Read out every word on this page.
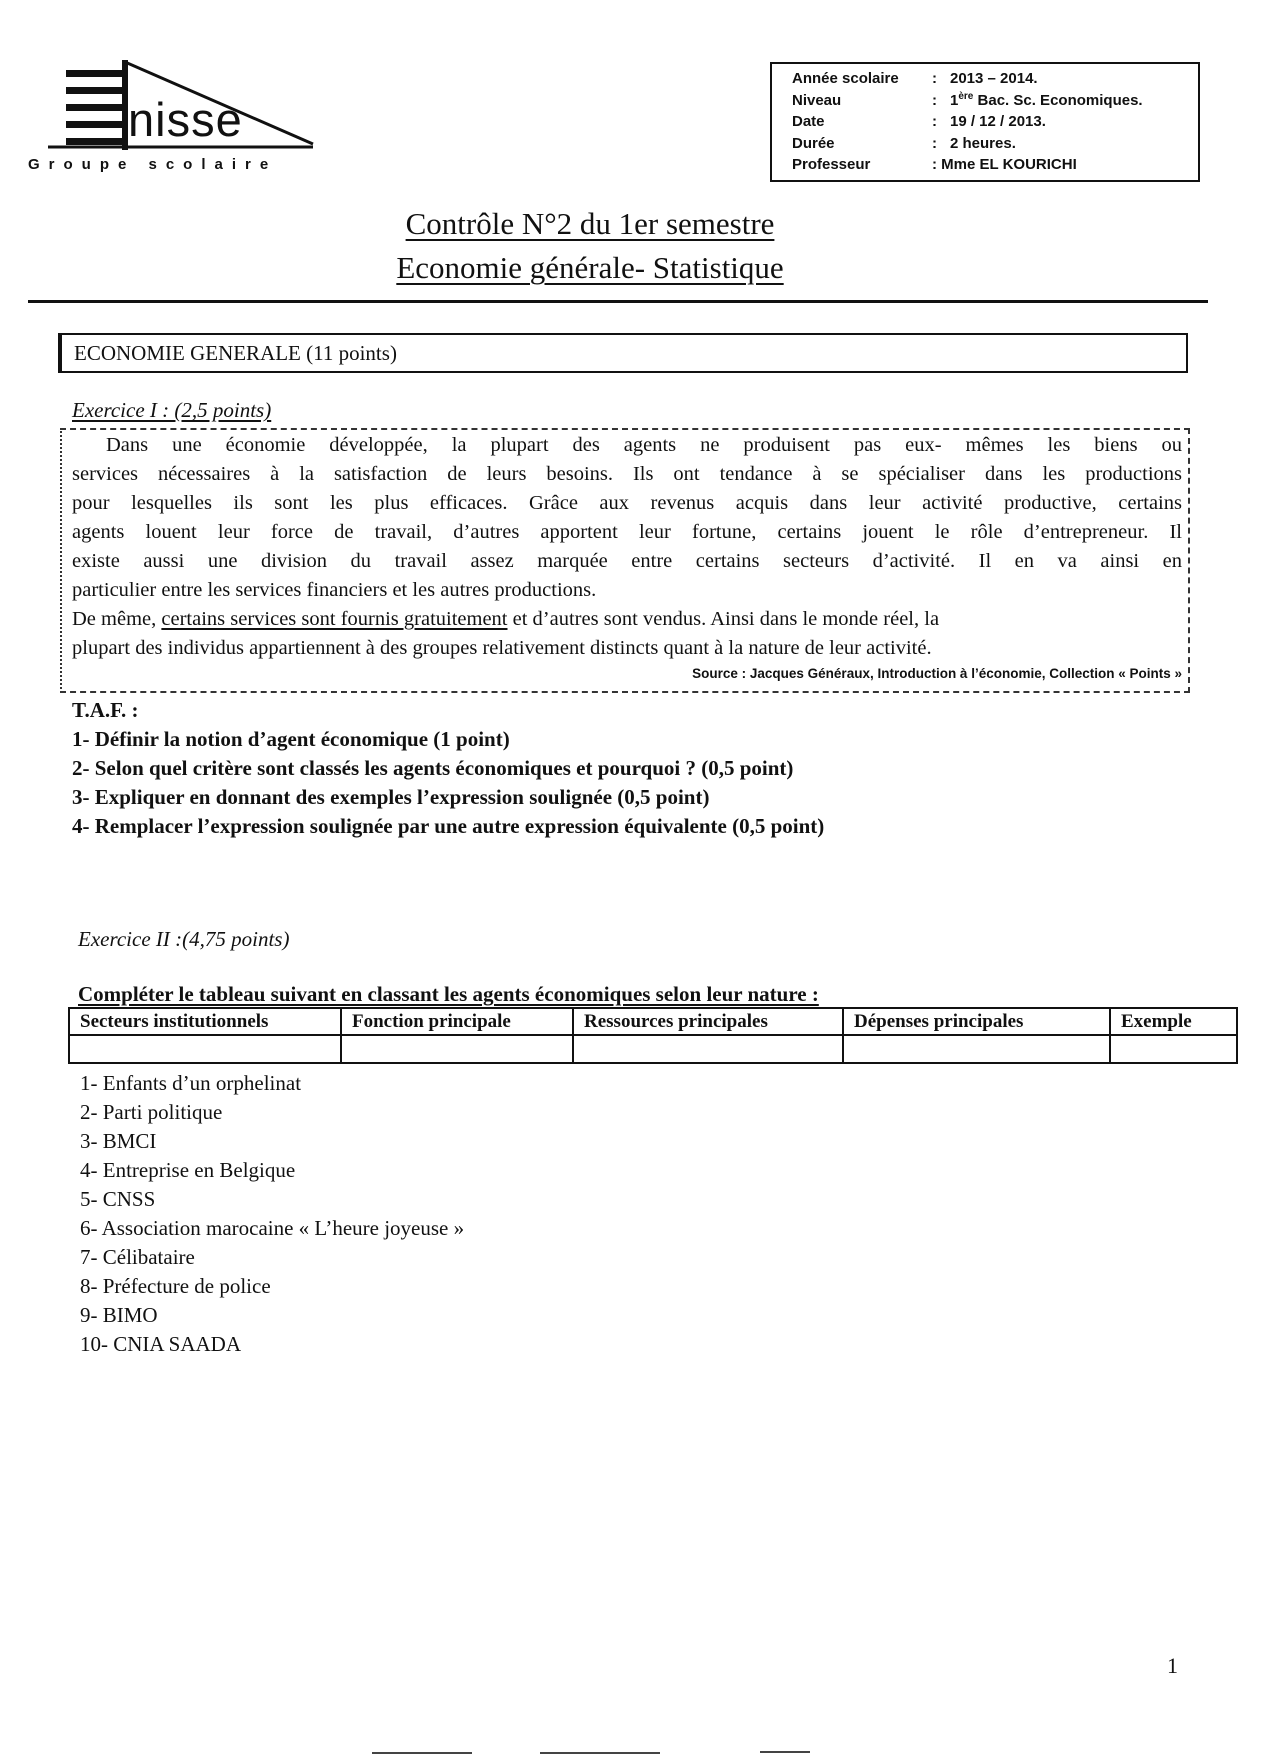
nisse
Groupe scolaire
Année scolaire : 2013 – 2014.
Niveau	: 1ère Bac. Sc. Economiques.
Date	: 19 / 12 / 2013.
Durée	: 2 heures.
Professeur	: Mme EL KOURICHI
Contrôle N°2 du 1er semestre
Economie générale- Statistique
ECONOMIE GENERALE (11 points)
Exercice I : (2,5 points)
Dans une économie développée, la plupart des agents ne produisent pas eux- mêmes les biens ou
services nécessaires à la satisfaction de leurs besoins. Ils ont tendance à se spécialiser dans les productions
pour lesquelles ils sont les plus efficaces. Grâce aux revenus acquis dans leur activité productive, certains
agents louent leur force de travail, d’autres apportent leur fortune, certains jouent le rôle d’entrepreneur. Il
existe aussi une division du travail assez marquée entre certains secteurs d’activité. Il en va ainsi en
particulier entre les services financiers et les autres productions.
De même, certains services sont fournis gratuitement et d’autres sont vendus. Ainsi dans le monde réel, la
plupart des individus appartiennent à des groupes relativement distincts quant à la nature de leur activité.
Source : Jacques Généraux, Introduction à l’économie, Collection « Points »
T.A.F. :
1- Définir la notion d’agent économique (1 point)
2- Selon quel critère sont classés les agents économiques et pourquoi ? (0,5 point)
3- Expliquer en donnant des exemples l’expression soulignée (0,5 point)
4- Remplacer l’expression soulignée par une autre expression équivalente (0,5 point)
Exercice II :(4,75 points)
Compléter le tableau suivant en classant les agents économiques selon leur nature :
Secteurs institutionnels	Fonction principale	Ressources principales	Dépenses principales	Exemple

1- Enfants d’un orphelinat
2- Parti politique
3- BMCI
4- Entreprise en Belgique
5- CNSS
6- Association marocaine « L’heure joyeuse »
7- Célibataire
8- Préfecture de police
9- BIMO
10- CNIA SAADA
1
